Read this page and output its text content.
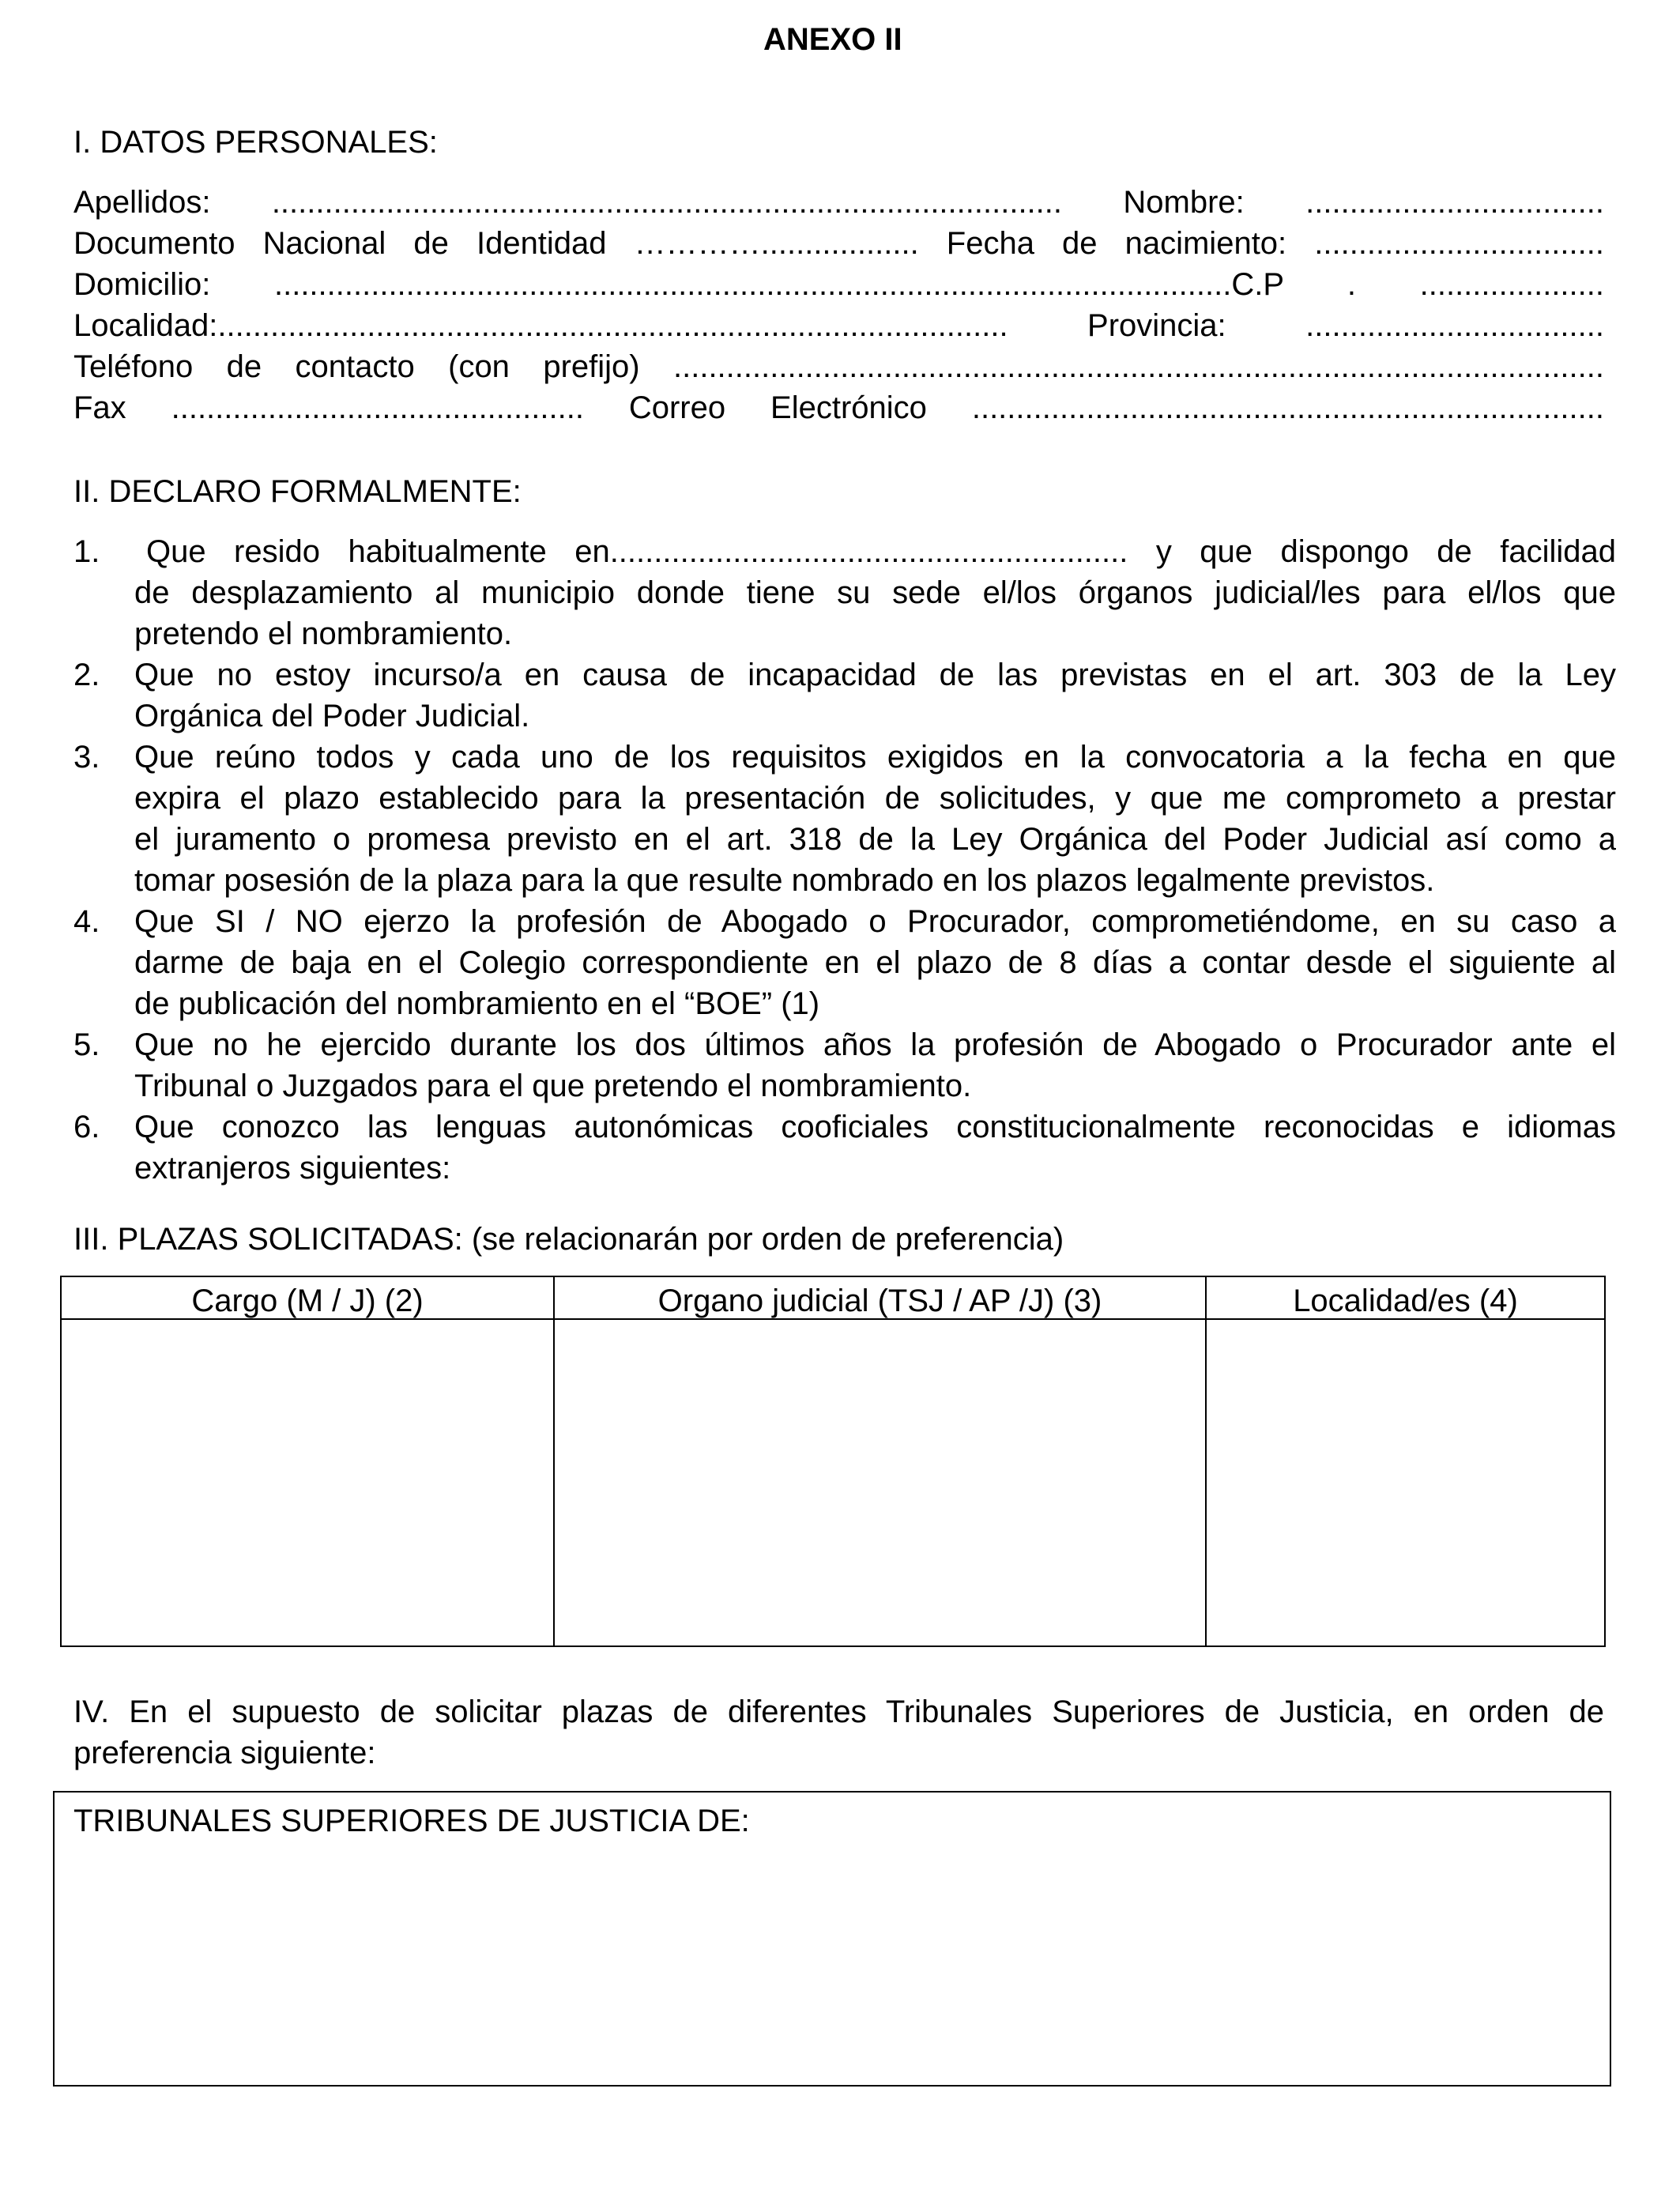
ANEXO II
I. DATOS PERSONALES:
Apellidos: .......................................................................................... Nombre: ..................................
Documento Nacional de Identidad ………….................. Fecha de nacimiento: .................................
Domicilio: .............................................................................................................C.P . .....................
Localidad:.......................................................................................... Provincia: ..................................
Teléfono de contacto (con prefijo) ..........................................................................................................
Fax ............................................... Correo Electrónico ........................................................................
II. DECLARO FORMALMENTE:
1. Que resido habitualmente en........................................................... y que dispongo de facilidad
de desplazamiento al municipio donde tiene su sede el/los órganos judicial/les para el/los que
pretendo el nombramiento.
2. Que no estoy incurso/a en causa de incapacidad de las previstas en el art. 303 de la Ley
Orgánica del Poder Judicial.
3. Que reúno todos y cada uno de los requisitos exigidos en la convocatoria a la fecha en que
expira el plazo establecido para la presentación de solicitudes, y que me comprometo a prestar
el juramento o promesa previsto en el art. 318 de la Ley Orgánica del Poder Judicial así como a
tomar posesión de la plaza para la que resulte nombrado en los plazos legalmente previstos.
4. Que SI / NO ejerzo la profesión de Abogado o Procurador, comprometiéndome, en su caso a
darme de baja en el Colegio correspondiente en el plazo de 8 días a contar desde el siguiente al
de publicación del nombramiento en el “BOE” (1)
5. Que no he ejercido durante los dos últimos años la profesión de Abogado o Procurador ante el
Tribunal o Juzgados para el que pretendo el nombramiento.
6. Que conozco las lenguas autonómicas cooficiales constitucionalmente reconocidas e idiomas
extranjeros siguientes:
III. PLAZAS SOLICITADAS: (se relacionarán por orden de preferencia)
Cargo (M / J) (2)	Organo judicial (TSJ / AP /J) (3)	Localidad/es (4)
IV. En el supuesto de solicitar plazas de diferentes Tribunales Superiores de Justicia, en orden de
preferencia siguiente:
TRIBUNALES SUPERIORES DE JUSTICIA DE:
